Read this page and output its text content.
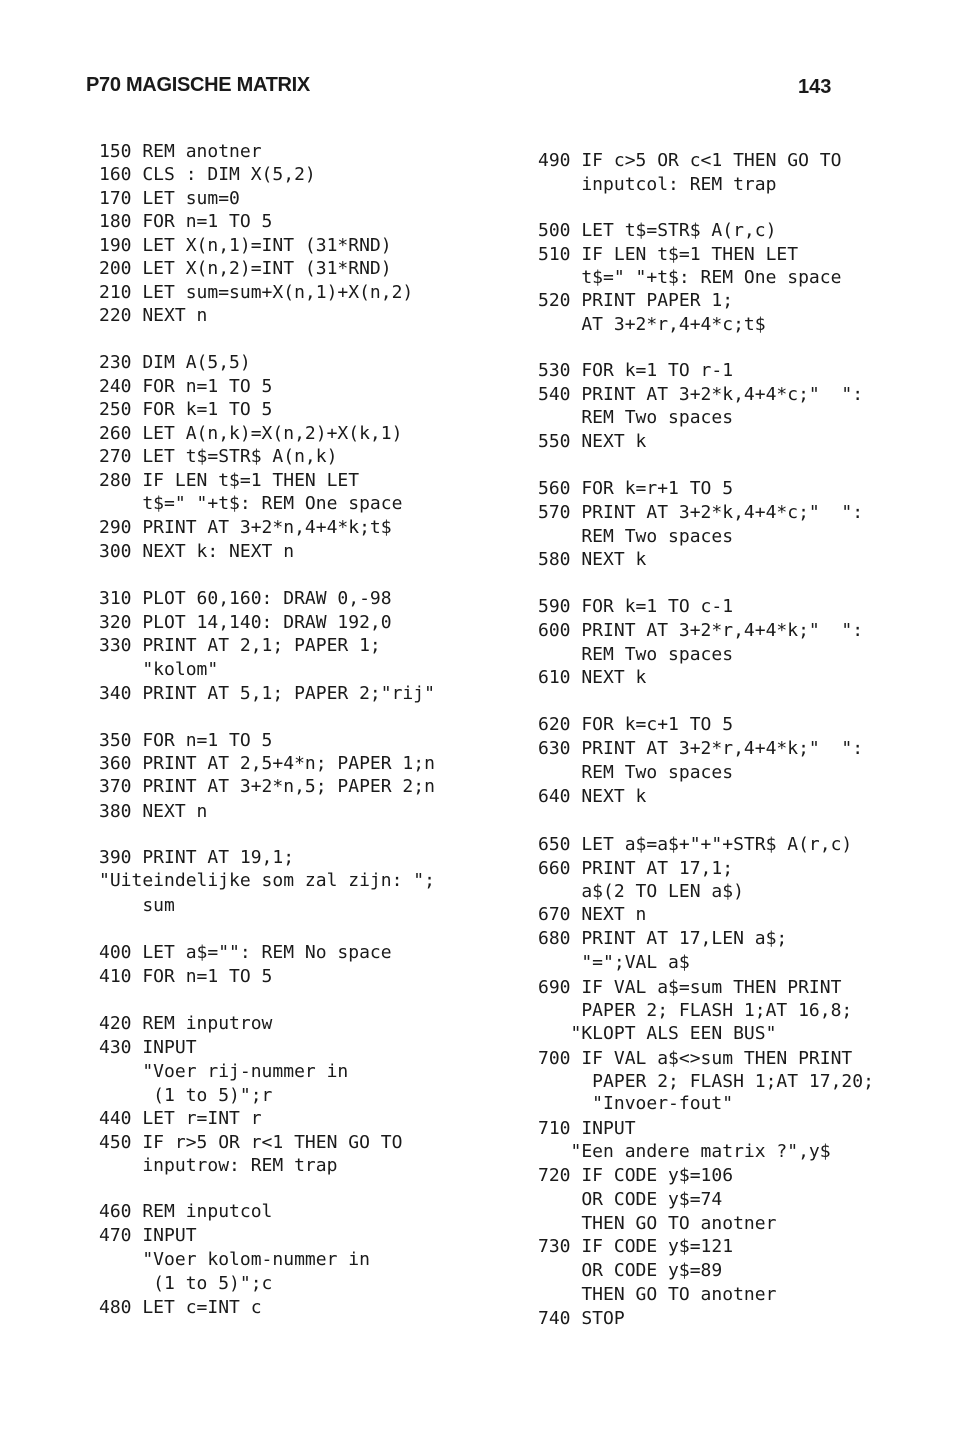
P70 MAGISCHE MATRIX	143
150 REM anotner
160 CLS : DIM X(5,2)
170 LET sum=0
180 FOR n=1 TO 5
190 LET X(n,1)=INT (31*RND)
200 LET X(n,2)=INT (31*RND)
210 LET sum=sum+X(n,1)+X(n,2)
220 NEXT n
230 DIM A(5,5)
240 FOR n=1 TO 5
250 FOR k=1 TO 5
260 LET A(n,k)=X(n,2)+X(k,1)
270 LET t$=STR$ A(n,k)
280 IF LEN t$=1 THEN LET
t$=" "+t$: REM One space
290 PRINT AT 3+2*n,4+4*k;t$
300 NEXT k: NEXT n
310 PLOT 60,160: DRAW 0,-98
320 PLOT 14,140: DRAW 192,0
330 PRINT AT 2,1; PAPER 1;
"kolom"
340 PRINT AT 5,1; PAPER 2;"rij"
350 FOR n=1 TO 5
360 PRINT AT 2,5+4*n; PAPER 1;n
370 PRINT AT 3+2*n,5; PAPER 2;n
380 NEXT n
390 PRINT AT 19,1;
"Uiteindelijke som zal zijn: ";
sum
400 LET a$="": REM No space
410 FOR n=1 TO 5
420 REM inputrow
430 INPUT
"Voer rij-nummer in
(1 to 5)";r
440 LET r=INT r
450 IF r>5 OR r<1 THEN GO TO
inputrow: REM trap
460 REM inputcol
470 INPUT
"Voer kolom-nummer in
(1 to 5)";c
480 LET c=INT c
490 IF c>5 OR c<1 THEN GO TO
inputcol: REM trap
500 LET t$=STR$ A(r,c)
510 IF LEN t$=1 THEN LET
t$=" "+t$: REM One space
520 PRINT PAPER 1;
AT 3+2*r,4+4*c;t$
530 FOR k=1 TO r-1
540 PRINT AT 3+2*k,4+4*c;"  ":
REM Two spaces
550 NEXT k
560 FOR k=r+1 TO 5
570 PRINT AT 3+2*k,4+4*c;"  ":
REM Two spaces
580 NEXT k
590 FOR k=1 TO c-1
600 PRINT AT 3+2*r,4+4*k;"  ":
REM Two spaces
610 NEXT k
620 FOR k=c+1 TO 5
630 PRINT AT 3+2*r,4+4*k;"  ":
REM Two spaces
640 NEXT k
650 LET a$=a$+"+"+STR$ A(r,c)
660 PRINT AT 17,1;
a$(2 TO LEN a$)
670 NEXT n
680 PRINT AT 17,LEN a$;
"=";VAL a$
690 IF VAL a$=sum THEN PRINT
PAPER 2; FLASH 1;AT 16,8;
"KLOPT ALS EEN BUS"
700 IF VAL a$<>sum THEN PRINT
PAPER 2; FLASH 1;AT 17,20;
"Invoer-fout"
710 INPUT
"Een andere matrix ?",y$
720 IF CODE y$=106
OR CODE y$=74
THEN GO TO anotner
730 IF CODE y$=121
OR CODE y$=89
THEN GO TO anotner
740 STOP
